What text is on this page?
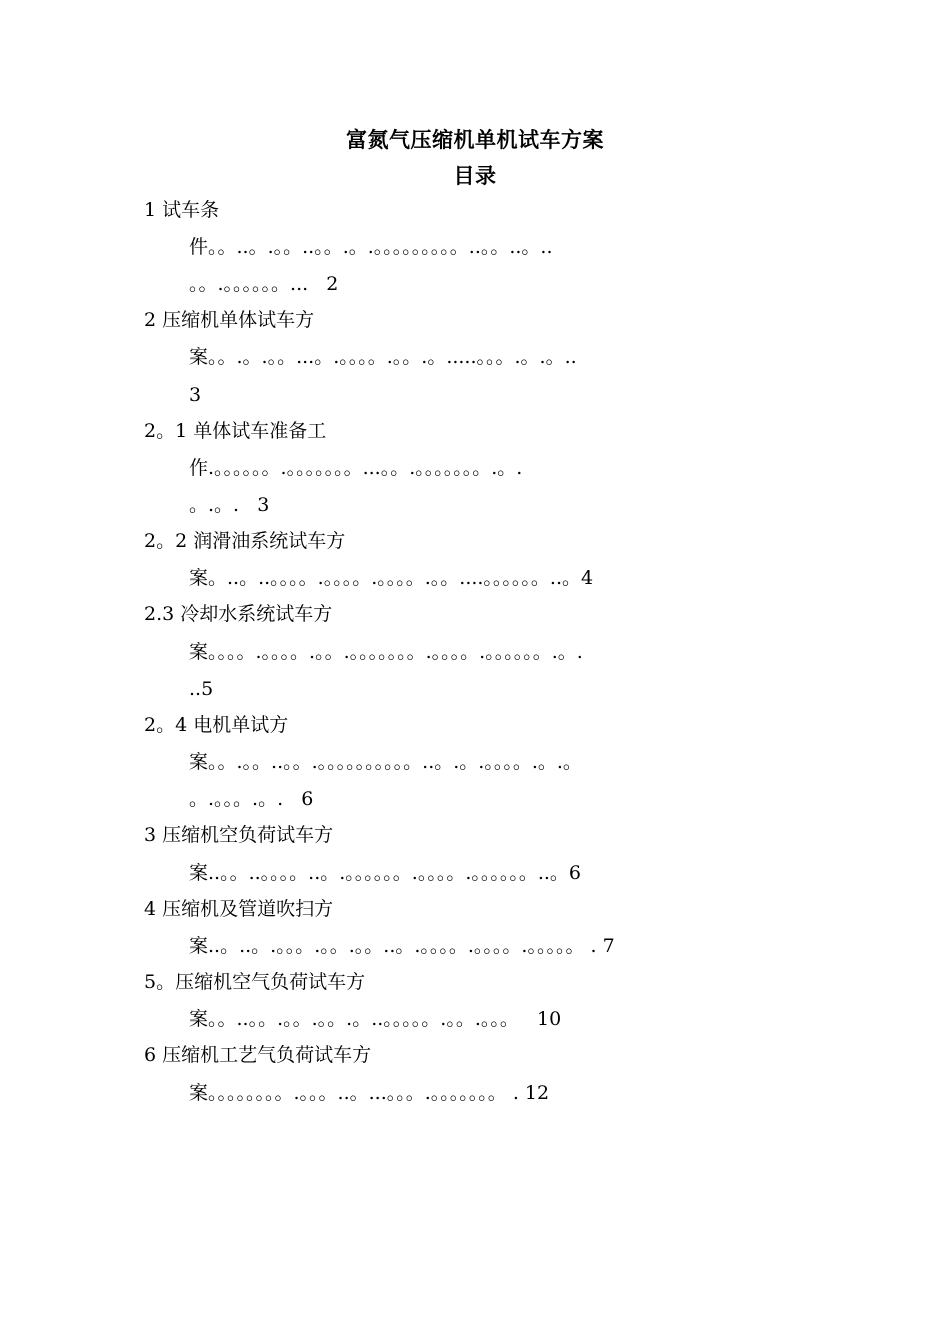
富氮气压缩机单机试车方案
目录
1 试车条
件。。..。.。。..。。.。.。。。。。。。。。..。。..。..
。。.。。。。。。...   2
2 压缩机单体试车方
案。。.。.。。...。.。。。。.。。.。.....。。。.。.。..
3
2。1 单体试车准备工
作.。。。。。。.。。。。。。。...。。.。。。。。。。.。.
。.。.   3
2。2 润滑油系统试车方
案。..。..。。。。.。。。。.。。。。.。。....。。。。。。..。4
2.3 冷却水系统试车方
案。。。。.。。。。.。。.。。。。。。。.。。。。.。。。。。。.。.
..5
2。4 电机单试方
案。。.。。..。。.。。。。。。。。。。..。.。.。。。。.。.。
。.。。。.。.   6
3 压缩机空负荷试车方
案..。。..。。。。..。.。。。。。。.。。。。.。。。。。。..。6
4 压缩机及管道吹扫方
案..。..。.。。。.。。.。。..。.。。。。.。。。。.。。。。。 . 7
5。压缩机空气负荷试车方
案。。..。。.。。.。。.。..。。。。。.。。.。。。   10
6 压缩机工艺气负荷试车方
案。。。。。。。。.。。。..。...。。。.。。。。。。。 . 12
